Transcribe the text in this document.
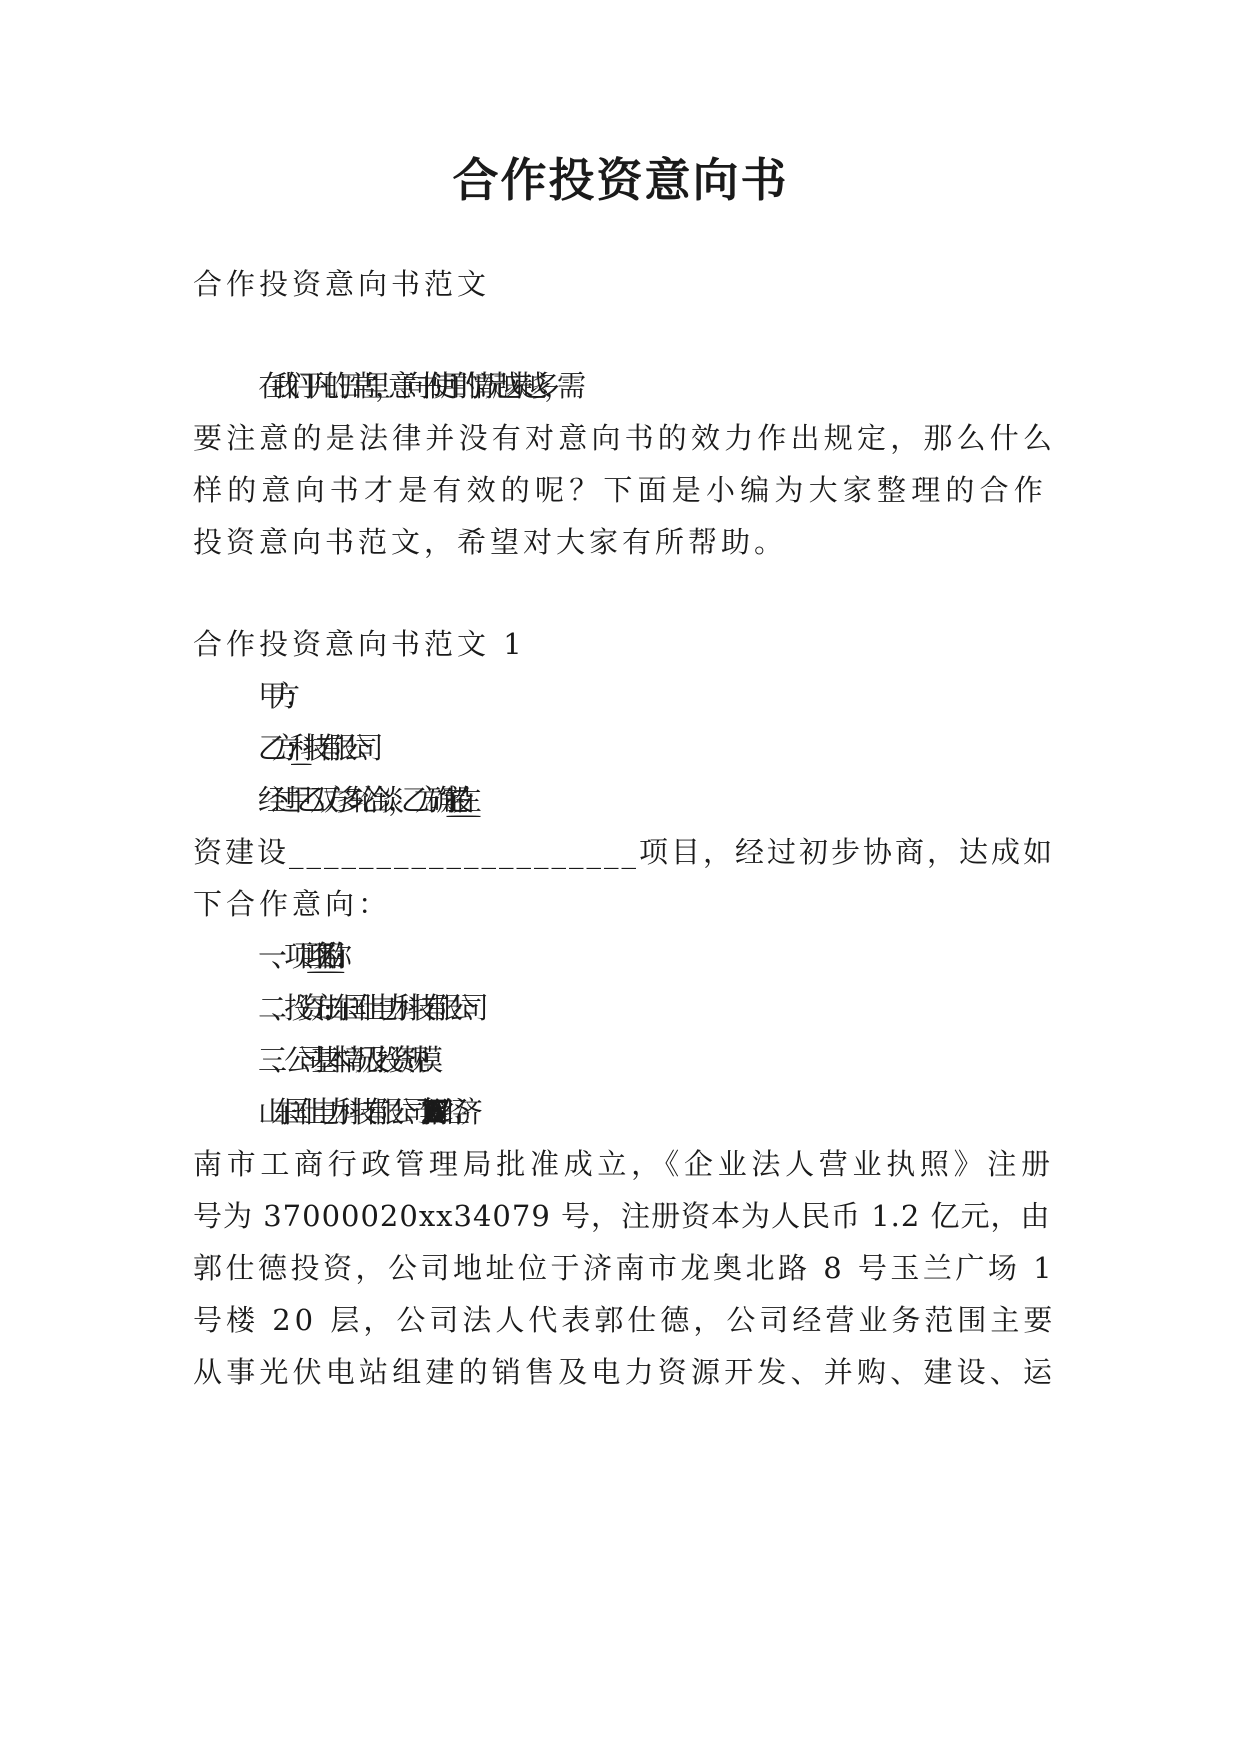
合作投资意向书
合作投资意向书范文
在我们平凡的日常里，意向书使用的情况越来越多，需
要注意的是法律并没有对意向书的效力作出规定，那么什么
样的意向书才是有效的呢？下面是小编为大家整理的合作
投资意向书范文，希望对大家有所帮助。
合作投资意向书范文 1
甲方：
乙方：_____科技有限公司
经过甲乙双方多轮洽谈，乙方确定在______________投
资建设____________________项目，经过初步协商，达成如
下合作意向：
一、项目名称:________________项目
二、投资方:山东国仕电力科技有限公司
三、公司基本情况及投资规模
山东国仕电力科技有限公司于 20xx 年 06 月 17 日经济
南市工商行政管理局批准成立，《企业法人营业执照》注册
号为 37000020xx34079 号，注册资本为人民币 1.2 亿元，由
郭仕德投资，公司地址位于济南市龙奥北路 8 号玉兰广场 1
号楼 20 层，公司法人代表郭仕德，公司经营业务范围主要
从事光伏电站组建的销售及电力资源开发、并购、建设、运
